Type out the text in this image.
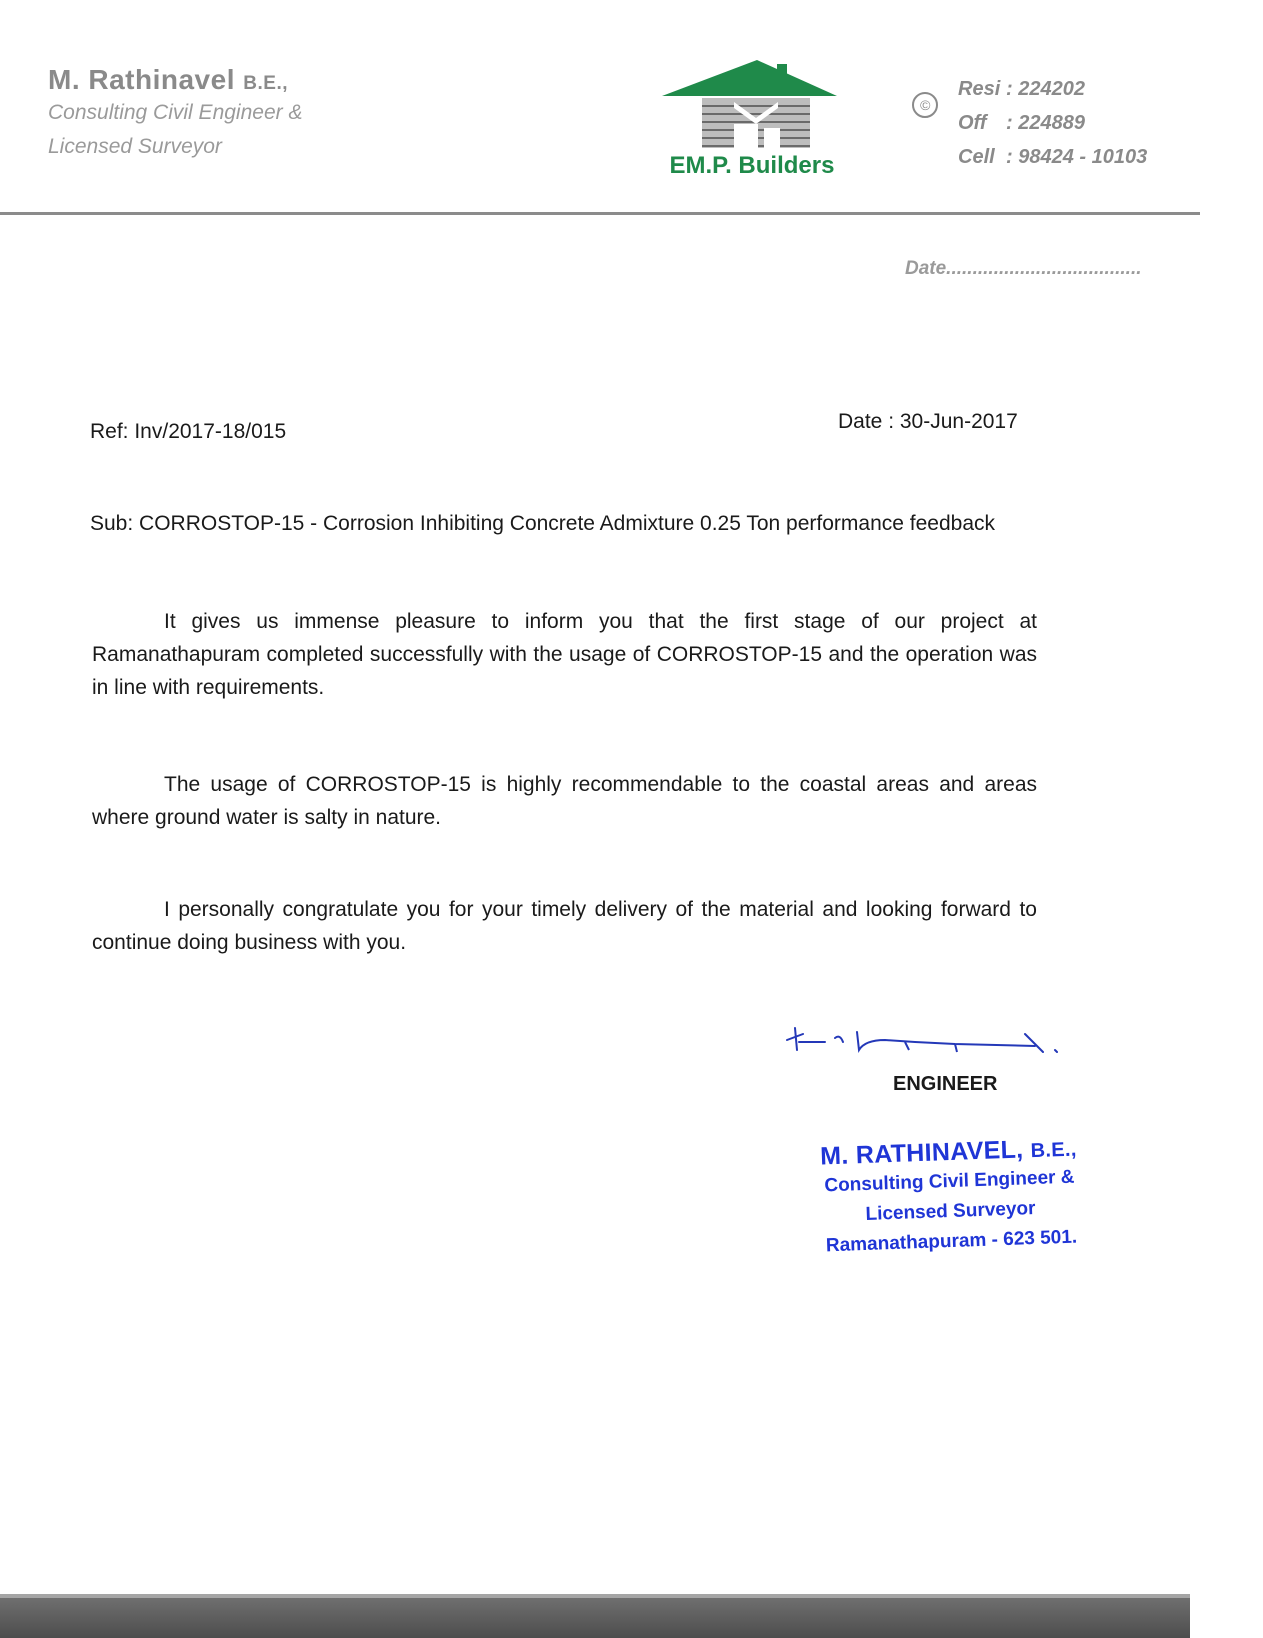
M. Rathinavel B.E.,
Consulting Civil Engineer &
Licensed Surveyor
EM.P. Builders
©
Resi : 224202
Off : 224889
Cell : 98424 - 10103
Date.....................................
Ref: Inv/2017-18/015	Date : 30-Jun-2017
Sub: CORROSTOP-15 - Corrosion Inhibiting Concrete Admixture 0.25 Ton performance feedback
It gives us immense pleasure to inform you that the first stage of our project at Ramanathapuram completed successfully with the usage of CORROSTOP-15 and the operation was in line with requirements.
The usage of CORROSTOP-15 is highly recommendable to the coastal areas and areas where ground water is salty in nature.
I personally congratulate you for your timely delivery of the material and looking forward to continue doing business with you.
ENGINEER
M. RATHINAVEL, B.E.,
Consulting Civil Engineer &
Licensed Surveyor
Ramanathapuram - 623 501.
